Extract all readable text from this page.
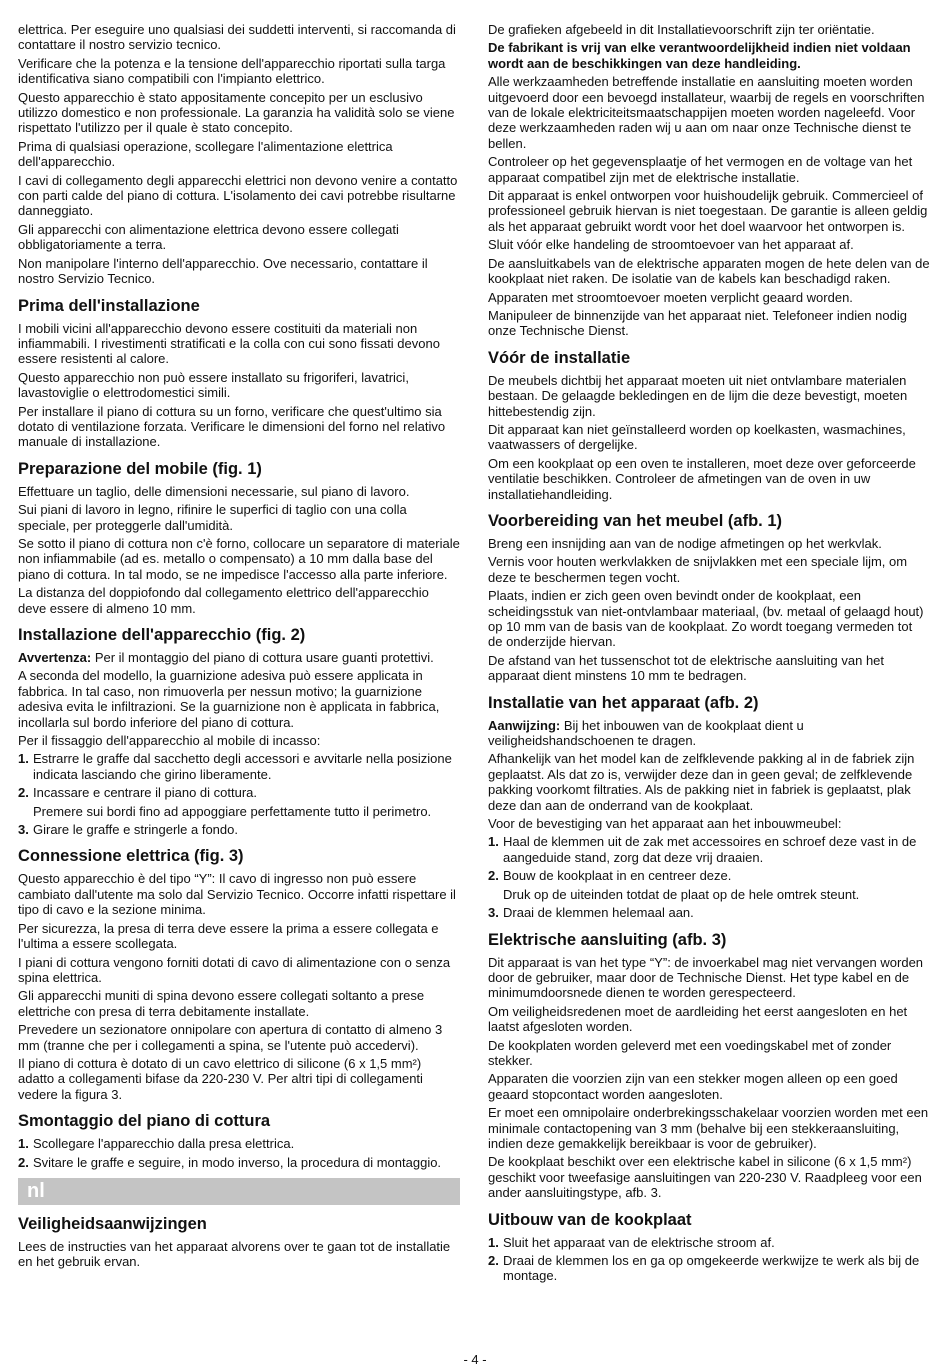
elettrica. Per eseguire uno qualsiasi dei suddetti interventi, si raccomanda di contattare il nostro servizio tecnico.

Verificare che la potenza e la tensione dell'apparecchio riportati sulla targa identificativa siano compatibili con l'impianto elettrico.

Questo apparecchio è stato appositamente concepito per un esclusivo utilizzo domestico e non professionale. La garanzia ha validità solo se viene rispettato l'utilizzo per il quale è stato concepito.

Prima di qualsiasi operazione, scollegare l'alimentazione elettrica dell'apparecchio.

I cavi di collegamento degli apparecchi elettrici non devono venire a contatto con parti calde del piano di cottura. L'isolamento dei cavi potrebbe risultarne danneggiato.

Gli apparecchi con alimentazione elettrica devono essere collegati obbligatoriamente a terra.

Non manipolare l'interno dell'apparecchio. Ove necessario, contattare il nostro Servizio Tecnico.

Prima dell'installazione

I mobili vicini all'apparecchio devono essere costituiti da materiali non infiammabili. I rivestimenti stratificati e la colla con cui sono fissati devono essere resistenti al calore.

Questo apparecchio non può essere installato su frigoriferi, lavatrici, lavastoviglie o elettrodomestici simili.

Per installare il piano di cottura su un forno, verificare che quest'ultimo sia dotato di ventilazione forzata. Verificare le dimensioni del forno nel relativo manuale di installazione.

Preparazione del mobile (fig. 1)

Effettuare un taglio, delle dimensioni necessarie, sul piano di lavoro.

Sui piani di lavoro in legno, rifinire le superfici di taglio con una colla speciale, per proteggerle dall'umidità.

Se sotto il piano di cottura non c'è forno, collocare un separatore di materiale non infiammabile (ad es. metallo o compensato) a 10 mm dalla base del piano di cottura. In tal modo, se ne impedisce l'accesso alla parte inferiore.

La distanza del doppiofondo dal collegamento elettrico dell'apparecchio deve essere di almeno 10 mm.

Installazione dell'apparecchio (fig. 2)

Avvertenza: Per il montaggio del piano di cottura usare guanti protettivi.

A seconda del modello, la guarnizione adesiva può essere applicata in fabbrica. In tal caso, non rimuoverla per nessun motivo; la guarnizione adesiva evita le infiltrazioni. Se la guarnizione non è applicata in fabbrica, incollarla sul bordo inferiore del piano di cottura.

Per il fissaggio dell'apparecchio al mobile di incasso:

1. Estrarre le graffe dal sacchetto degli accessori e avvitarle nella posizione indicata lasciando che girino liberamente.
2. Incassare e centrare il piano di cottura.
Premere sui bordi fino ad appoggiare perfettamente tutto il perimetro.
3. Girare le graffe e stringerle a fondo.
Connessione elettrica (fig. 3)

Questo apparecchio è del tipo “Y”: Il cavo di ingresso non può essere cambiato dall'utente ma solo dal Servizio Tecnico. Occorre infatti rispettare il tipo di cavo e la sezione minima.

Per sicurezza, la presa di terra deve essere la prima a essere collegata e l'ultima a essere scollegata.

I piani di cottura vengono forniti dotati di cavo di alimentazione con o senza spina elettrica.

Gli apparecchi muniti di spina devono essere collegati soltanto a prese elettriche con presa di terra debitamente installate.

Prevedere un sezionatore onnipolare con apertura di contatto di almeno 3 mm (tranne che per i collegamenti a spina, se l'utente può accedervi).

Il piano di cottura è dotato di un cavo elettrico di silicone (6 x 1,5 mm²) adatto a collegamenti bifase da 220-230 V. Per altri tipi di collegamenti vedere la figura 3.

Smontaggio del piano di cottura
1. Scollegare l'apparecchio dalla presa elettrica.
2. Svitare le graffe e seguire, in modo inverso, la procedura di montaggio.
nl
Veiligheidsaanwijzingen

Lees de instructies van het apparaat alvorens over te gaan tot de installatie en het gebruik ervan.

De grafieken afgebeeld in dit Installatievoorschrift zijn ter oriëntatie.

De fabrikant is vrij van elke verantwoordelijkheid indien niet voldaan wordt aan de beschikkingen van deze handleiding.

Alle werkzaamheden betreffende installatie en aansluiting moeten worden uitgevoerd door een bevoegd installateur, waarbij de regels en voorschriften van de lokale elektriciteitsmaatschappijen moeten worden nageleefd. Voor deze werkzaamheden raden wij u aan om naar onze Technische dienst te bellen.

Controleer op het gegevensplaatje of het vermogen en de voltage van het apparaat compatibel zijn met de elektrische installatie.

Dit apparaat is enkel ontworpen voor huishoudelijk gebruik. Commercieel of professioneel gebruik hiervan is niet toegestaan. De garantie is alleen geldig als het apparaat gebruikt wordt voor het doel waarvoor het ontworpen is.

Sluit vóór elke handeling de stroomtoevoer van het apparaat af.

De aansluitkabels van de elektrische apparaten mogen de hete delen van de kookplaat niet raken. De isolatie van de kabels kan beschadigd raken.

Apparaten met stroomtoevoer moeten verplicht geaard worden.

Manipuleer de binnenzijde van het apparaat niet. Telefoneer indien nodig onze Technische Dienst.

Vóór de installatie

De meubels dichtbij het apparaat moeten uit niet ontvlambare materialen bestaan. De gelaagde bekledingen en de lijm die deze bevestigt, moeten hittebestendig zijn.

Dit apparaat kan niet geïnstalleerd worden op koelkasten, wasmachines, vaatwassers of dergelijke.

Om een kookplaat op een oven te installeren, moet deze over geforceerde ventilatie beschikken. Controleer de afmetingen van de oven in uw installatiehandleiding.

Voorbereiding van het meubel (afb. 1)

Breng een insnijding aan van de nodige afmetingen op het werkvlak.

Vernis voor houten werkvlakken de snijvlakken met een speciale lijm, om deze te beschermen tegen vocht.

Plaats, indien er zich geen oven bevindt onder de kookplaat, een scheidingsstuk van niet-ontvlambaar materiaal, (bv. metaal of gelaagd hout) op 10 mm van de basis van de kookplaat. Zo wordt toegang vermeden tot de onderzijde hiervan.

De afstand van het tussenschot tot de elektrische aansluiting van het apparaat dient minstens 10 mm te bedragen.

Installatie van het apparaat (afb. 2)

Aanwijzing: Bij het inbouwen van de kookplaat dient u veiligheidshandschoenen te dragen.

Afhankelijk van het model kan de zelfklevende pakking al in de fabriek zijn geplaatst. Als dat zo is, verwijder deze dan in geen geval; de zelfklevende pakking voorkomt filtraties. Als de pakking niet in fabriek is geplaatst, plak deze dan aan de onderrand van de kookplaat.

Voor de bevestiging van het apparaat aan het inbouwmeubel:

1. Haal de klemmen uit de zak met accessoires en schroef deze vast in de aangeduide stand, zorg dat deze vrij draaien.
2. Bouw de kookplaat in en centreer deze.
Druk op de uiteinden totdat de plaat op de hele omtrek steunt.
3. Draai de klemmen helemaal aan.
Elektrische aansluiting (afb. 3)

Dit apparaat is van het type “Y”: de invoerkabel mag niet vervangen worden door de gebruiker, maar door de Technische Dienst. Het type kabel en de minimumdoorsnede dienen te worden gerespecteerd.

Om veiligheidsredenen moet de aardleiding het eerst aangesloten en het laatst afgesloten worden.

De kookplaten worden geleverd met een voedingskabel met of zonder stekker.

Apparaten die voorzien zijn van een stekker mogen alleen op een goed geaard stopcontact worden aangesloten.

Er moet een omnipolaire onderbrekingsschakelaar voorzien worden met een minimale contactopening van 3 mm (behalve bij een stekkeraansluiting, indien deze gemakkelijk bereikbaar is voor de gebruiker).

De kookplaat beschikt over een elektrische kabel in silicone (6 x 1,5 mm²) geschikt voor tweefasige aansluitingen van 220-230 V. Raadpleeg voor een ander aansluitingstype, afb. 3.

Uitbouw van de kookplaat
1. Sluit het apparaat van de elektrische stroom af.
2. Draai de klemmen los en ga op omgekeerde werkwijze te werk als bij de montage.
- 4 -
